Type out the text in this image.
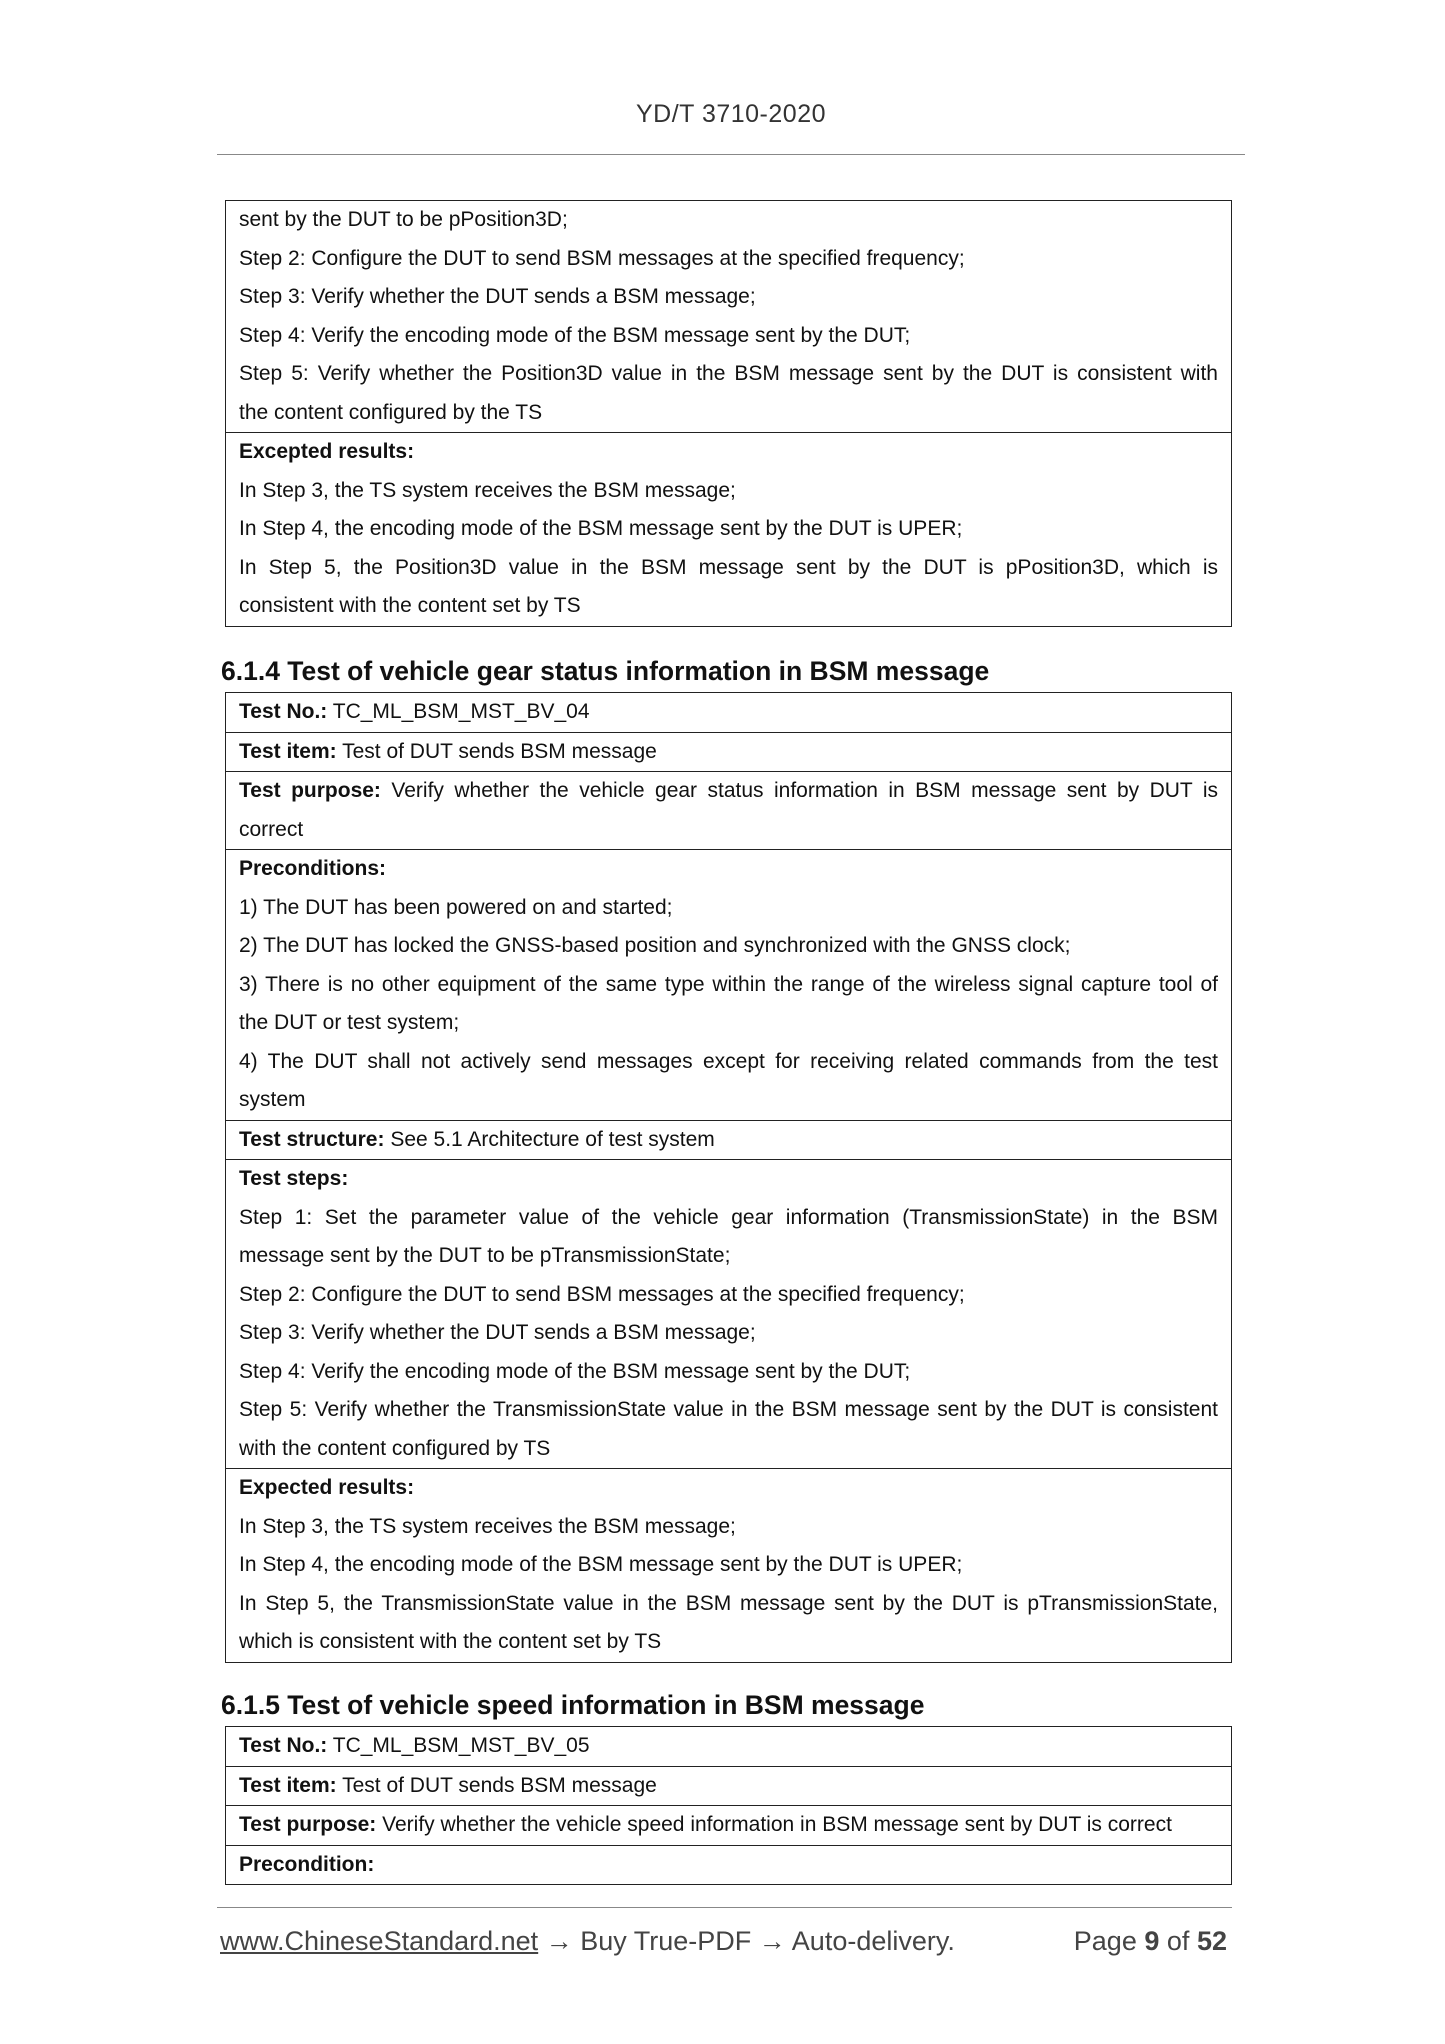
YD/T 3710-2020
sent by the DUT to be pPosition3D;
Step 2: Configure the DUT to send BSM messages at the specified frequency;
Step 3: Verify whether the DUT sends a BSM message;
Step 4: Verify the encoding mode of the BSM message sent by the DUT;
Step 5: Verify whether the Position3D value in the BSM message sent by the DUT is consistent with
the content configured by the TS
Excepted results:
In Step 3, the TS system receives the BSM message;
In Step 4, the encoding mode of the BSM message sent by the DUT is UPER;
In Step 5, the Position3D value in the BSM message sent by the DUT is pPosition3D, which is
consistent with the content set by TS
6.1.4 Test of vehicle gear status information in BSM message
Test No.: TC_ML_BSM_MST_BV_04
Test item: Test of DUT sends BSM message
Test purpose: Verify whether the vehicle gear status information in BSM message sent by DUT is
correct
Preconditions:
1) The DUT has been powered on and started;
2) The DUT has locked the GNSS-based position and synchronized with the GNSS clock;
3) There is no other equipment of the same type within the range of the wireless signal capture tool of
the DUT or test system;
4) The DUT shall not actively send messages except for receiving related commands from the test
system
Test structure: See 5.1 Architecture of test system
Test steps:
Step 1: Set the parameter value of the vehicle gear information (TransmissionState) in the BSM
message sent by the DUT to be pTransmissionState;
Step 2: Configure the DUT to send BSM messages at the specified frequency;
Step 3: Verify whether the DUT sends a BSM message;
Step 4: Verify the encoding mode of the BSM message sent by the DUT;
Step 5: Verify whether the TransmissionState value in the BSM message sent by the DUT is consistent
with the content configured by TS
Expected results:
In Step 3, the TS system receives the BSM message;
In Step 4, the encoding mode of the BSM message sent by the DUT is UPER;
In Step 5, the TransmissionState value in the BSM message sent by the DUT is pTransmissionState,
which is consistent with the content set by TS
6.1.5 Test of vehicle speed information in BSM message
Test No.: TC_ML_BSM_MST_BV_05
Test item: Test of DUT sends BSM message
Test purpose: Verify whether the vehicle speed information in BSM message sent by DUT is correct
Precondition:
www.ChineseStandard.net → Buy True-PDF → Auto-delivery.	Page 9 of 52
